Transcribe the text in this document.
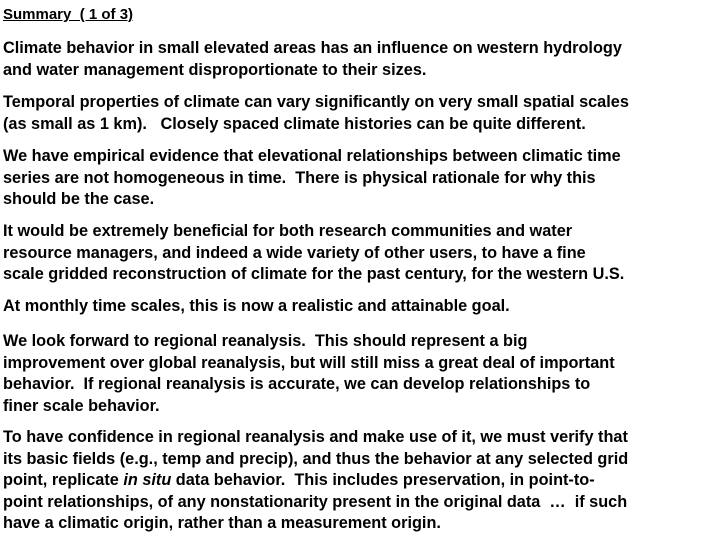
Summary  ( 1 of 3)

Climate behavior in small elevated areas has an influence on western hydrology
and water management disproportionate to their sizes.

Temporal properties of climate can vary significantly on very small spatial scales
(as small as 1 km).   Closely spaced climate histories can be quite different.

We have empirical evidence that elevational relationships between climatic time
series are not homogeneous in time.  There is physical rationale for why this
should be the case.

It would be extremely beneficial for both research communities and water
resource managers, and indeed a wide variety of other users, to have a fine
scale gridded reconstruction of climate for the past century, for the western U.S.

At monthly time scales, this is now a realistic and attainable goal.

We look forward to regional reanalysis.  This should represent a big
improvement over global reanalysis, but will still miss a great deal of important
behavior.  If regional reanalysis is accurate, we can develop relationships to
finer scale behavior.

To have confidence in regional reanalysis and make use of it, we must verify that
its basic fields (e.g., temp and precip), and thus the behavior at any selected grid
point, replicate in situ data behavior.  This includes preservation, in point-to-
point relationships, of any nonstationarity present in the original data  …  if such
have a climatic origin, rather than a measurement origin.
